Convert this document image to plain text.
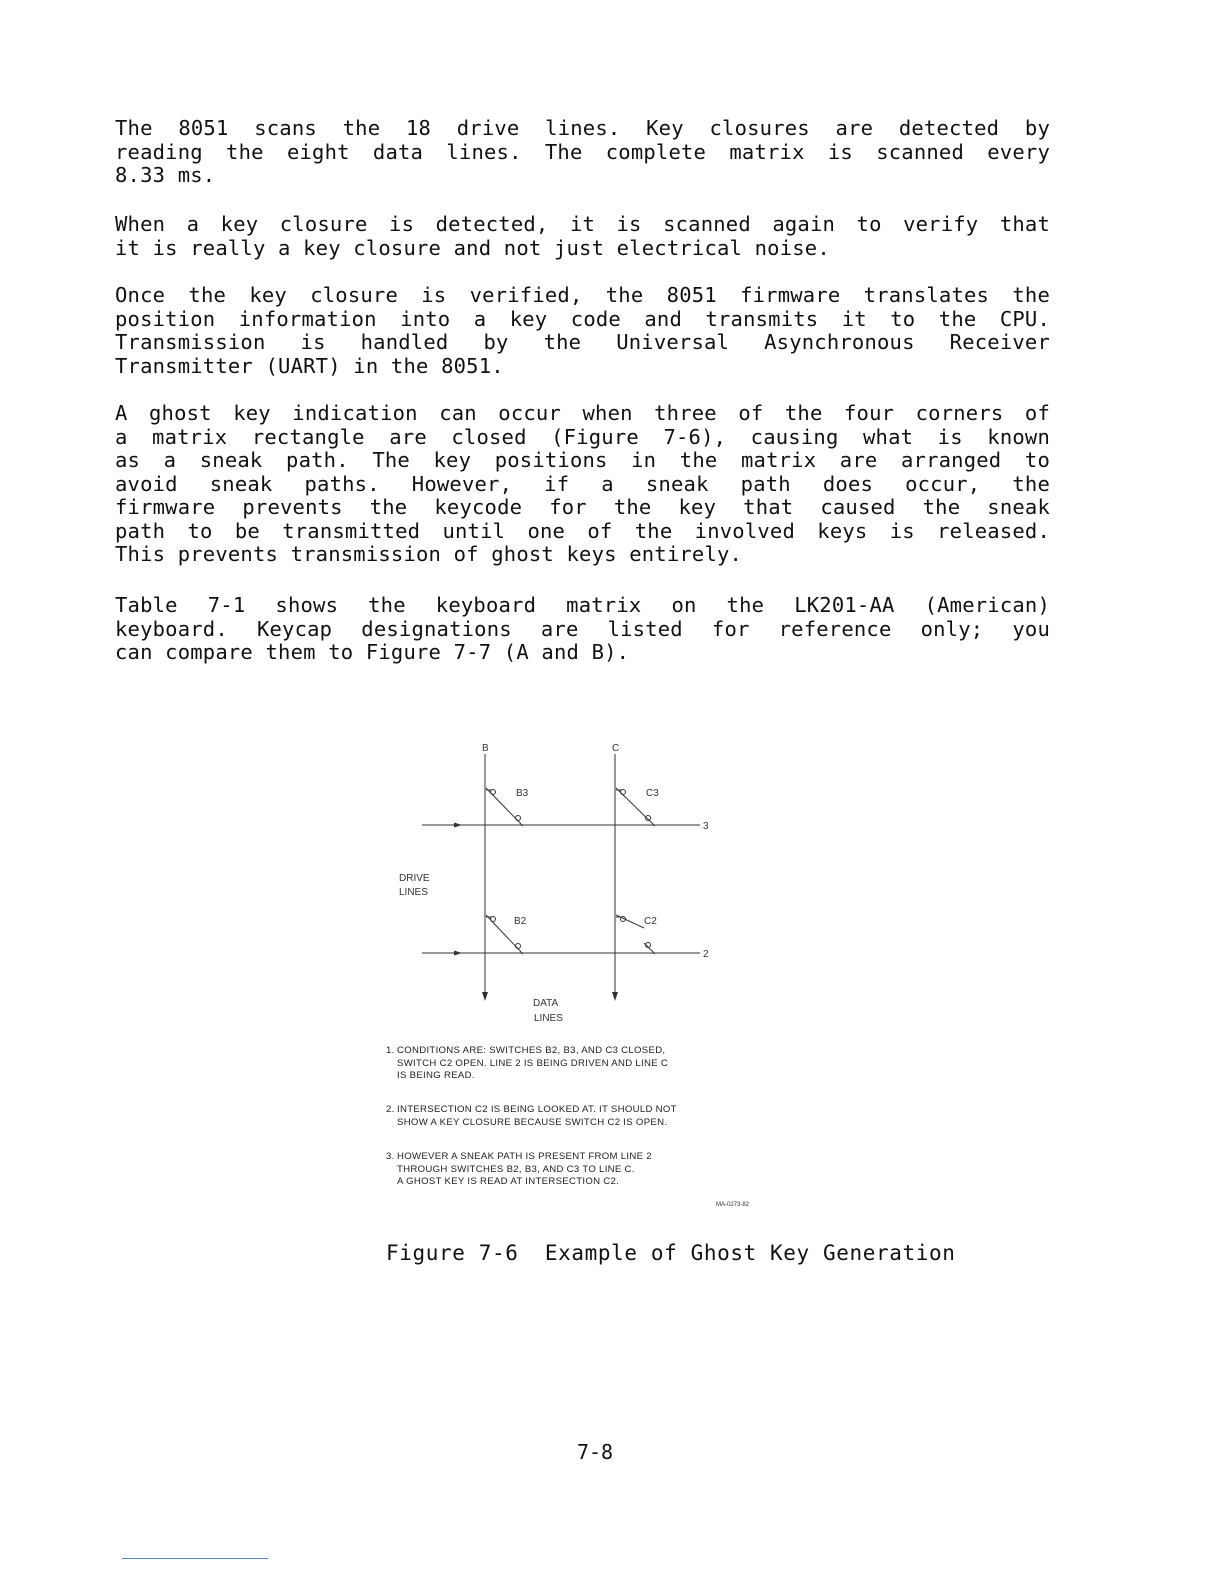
The 8051 scans the 18 drive lines. Key closures are detected by
reading the eight data lines. The complete matrix is scanned every
8.33 ms.
When a key closure is detected, it is scanned again to verify that
it is really a key closure and not just electrical noise.
Once the key closure is verified, the 8051 firmware translates the
position information into a key code and transmits it to the CPU.
Transmission is handled by the Universal Asynchronous Receiver
Transmitter (UART) in the 8051.
A ghost key indication can occur when three of the four corners of
a matrix rectangle are closed (Figure 7-6), causing what is known
as a sneak path. The key positions in the matrix are arranged to
avoid sneak paths. However, if a sneak path does occur, the
firmware prevents the keycode for the key that caused the sneak
path to be transmitted until one of the involved keys is released.
This prevents transmission of ghost keys entirely.
Table 7-1 shows the keyboard matrix on the LK201-AA (American)
keyboard. Keycap designations are listed for reference only; you
can compare them to Figure 7-7 (A and B).
B	C
3
2
B3	C3
B2	C2
DRIVE
LINES
DATA
LINES
1. CONDITIONS ARE: SWITCHES B2, B3, AND C3 CLOSED,
SWITCH C2 OPEN. LINE 2 IS BEING DRIVEN AND LINE C
IS BEING READ.
2. INTERSECTION C2 IS BEING LOOKED AT. IT SHOULD NOT
SHOW A KEY CLOSURE BECAUSE SWITCH C2 IS OPEN.
3. HOWEVER A SNEAK PATH IS PRESENT FROM LINE 2
THROUGH SWITCHES B2, B3, AND C3 TO LINE C.
A GHOST KEY IS READ AT INTERSECTION C2.
MA-0273-82
Figure 7-6  Example of Ghost Key Generation
7-8
